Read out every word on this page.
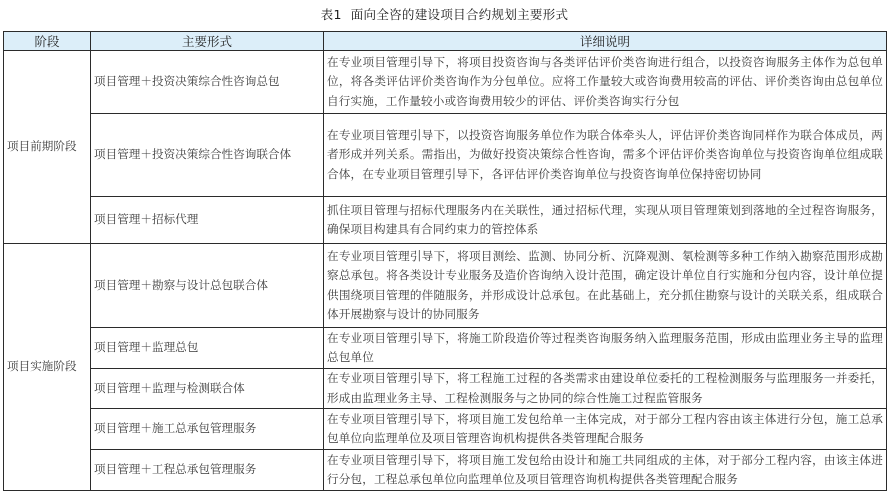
表1 面向全咨的建设项目合约规划主要形式
阶段	主要形式	详细说明
项目前期阶段	项目管理＋投资决策综合性咨询总包	在专业项目管理引导下，将项目投资咨询与各类评估评价类咨询进行组合，以投资咨询服务主体作为总包单位，将各类评估评价类咨询作为分包单位。应将工作量较大或咨询费用较高的评估、评价类咨询由总包单位自行实施，工作量较小或咨询费用较少的评估、评价类咨询实行分包
	项目管理＋投资决策综合性咨询联合体	在专业项目管理引导下，以投资咨询服务单位作为联合体牵头人，评估评价类咨询同样作为联合体成员，两者形成并列关系。需指出，为做好投资决策综合性咨询，需多个评估评价类咨询单位与投资咨询单位组成联合体，在专业项目管理引导下，各评估评价类咨询单位与投资咨询单位保持密切协同
	项目管理＋招标代理	抓住项目管理与招标代理服务内在关联性，通过招标代理，实现从项目管理策划到落地的全过程咨询服务，确保项目构建具有合同约束力的管控体系
项目实施阶段	项目管理＋勘察与设计总包联合体	在专业项目管理引导下，将项目测绘、监测、协同分析、沉降观测、氡检测等多种工作纳入勘察范围形成勘察总承包。将各类设计专业服务及造价咨询纳入设计范围，确定设计单位自行实施和分包内容，设计单位提供围绕项目管理的伴随服务，并形成设计总承包。在此基础上，充分抓住勘察与设计的关联关系，组成联合体开展勘察与设计的协同服务
	项目管理＋监理总包	在专业项目管理引导下，将施工阶段造价等过程类咨询服务纳入监理服务范围，形成由监理业务主导的监理总包单位
	项目管理＋监理与检测联合体	在专业项目管理引导下，将工程施工过程的各类需求由建设单位委托的工程检测服务与监理服务一并委托，形成由监理业务主导、工程检测服务与之协同的综合性施工过程监管服务
	项目管理＋施工总承包管理服务	在专业项目管理引导下，将项目施工发包给单一主体完成，对于部分工程内容由该主体进行分包，施工总承包单位向监理单位及项目管理咨询机构提供各类管理配合服务
	项目管理＋工程总承包管理服务	在专业项目管理引导下，将项目施工发包给由设计和施工共同组成的主体，对于部分工程内容，由该主体进行分包，工程总承包单位向监理单位及项目管理咨询机构提供各类管理配合服务
